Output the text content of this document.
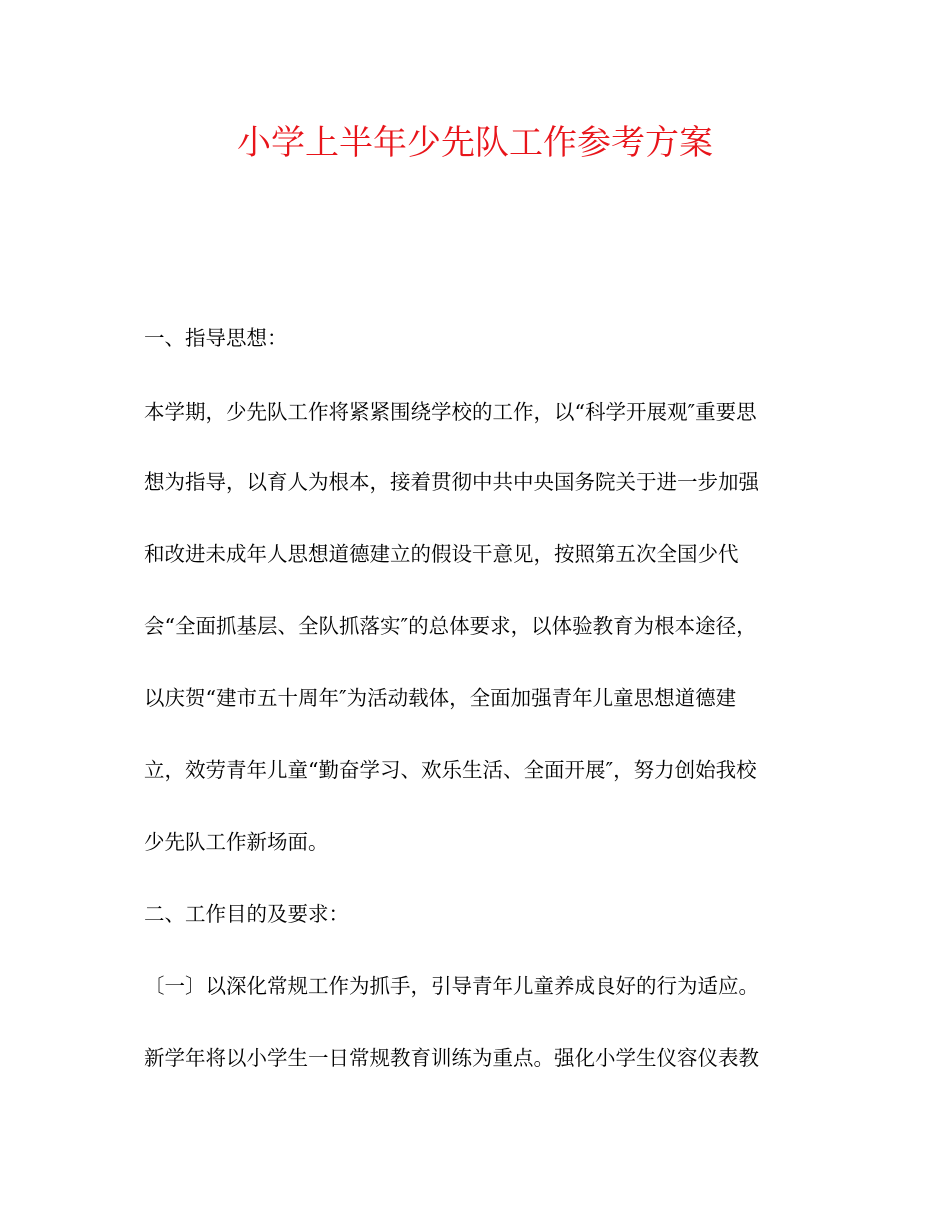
小学上半年少先队工作参考方案

一、指导思想：

本学期，少先队工作将紧紧围绕学校的工作，以“科学开展观″重要思

想为指导，以育人为根本，接着贯彻中共中央国务院关于进一步加强

和改进未成年人思想道德建立的假设干意见，按照第五次全国少代

会“全面抓基层、全队抓落实″的总体要求，以体验教育为根本途径，

以庆贺“建市五十周年″为活动载体，全面加强青年儿童思想道德建

立，效劳青年儿童“勤奋学习、欢乐生活、全面开展″，努力创始我校

少先队工作新场面。

二、工作目的及要求：

〔一〕以深化常规工作为抓手，引导青年儿童养成良好的行为适应。

新学年将以小学生一日常规教育训练为重点。强化小学生仪容仪表教
